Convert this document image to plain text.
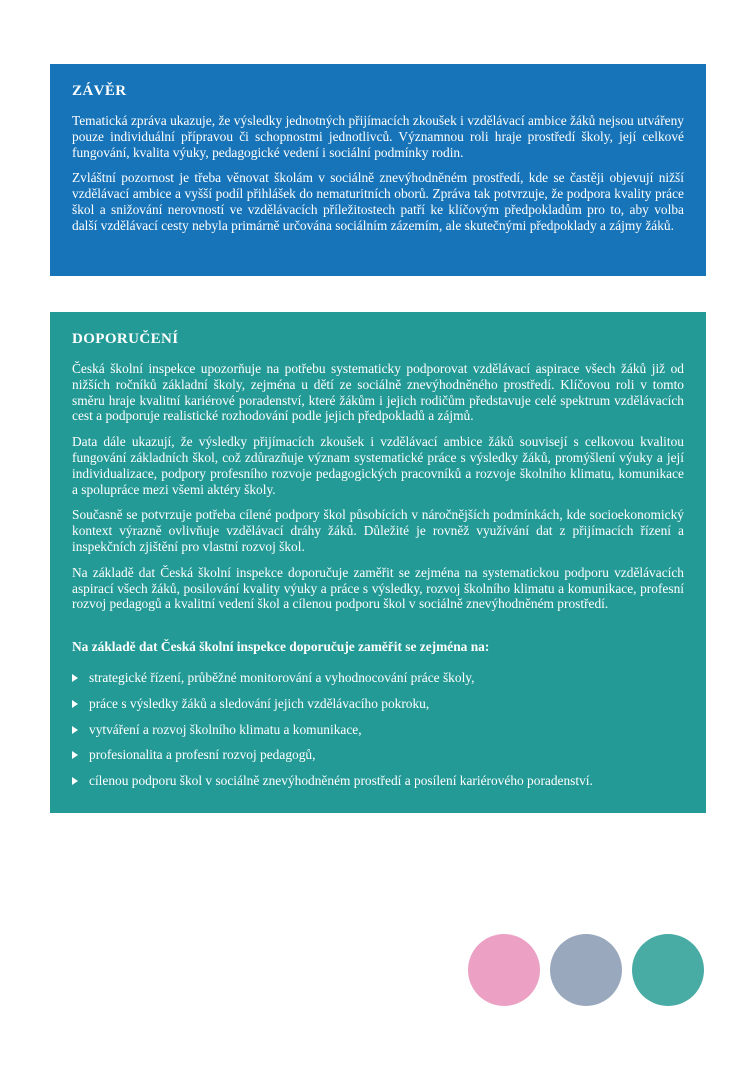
ZÁVĚR

Tematická zpráva ukazuje, že výsledky jednotných přijímacích zkoušek i vzdělávací ambice žáků nejsou utvářeny pouze individuální přípravou či schopnostmi jednotlivců. Významnou roli hraje prostředí školy, její celkové fungování, kvalita výuky, pedagogické vedení i sociální podmínky rodin.

Zvláštní pozornost je třeba věnovat školám v sociálně znevýhodněném prostředí, kde se častěji objevují nižší vzdělávací ambice a vyšší podíl přihlášek do nematuritních oborů. Zpráva tak potvrzuje, že podpora kvality práce škol a snižování nerovností ve vzdělávacích příležitostech patří ke klíčovým předpokladům pro to, aby volba další vzdělávací cesty nebyla primárně určována sociálním zázemím, ale skutečnými předpoklady a zájmy žáků.

DOPORUČENÍ

Česká školní inspekce upozorňuje na potřebu systematicky podporovat vzdělávací aspirace všech žáků již od nižších ročníků základní školy, zejména u dětí ze sociálně znevýhodněného prostředí. Klíčovou roli v tomto směru hraje kvalitní kariérové poradenství, které žákům i jejich rodičům představuje celé spektrum vzdělávacích cest a podporuje realistické rozhodování podle jejich předpokladů a zájmů.

Data dále ukazují, že výsledky přijímacích zkoušek i vzdělávací ambice žáků souvisejí s celkovou kvalitou fungování základních škol, což zdůrazňuje význam systematické práce s výsledky žáků, promýšlení výuky a její individualizace, podpory profesního rozvoje pedagogických pracovníků a rozvoje školního klimatu, komunikace a spolupráce mezi všemi aktéry školy.

Současně se potvrzuje potřeba cílené podpory škol působících v náročnějších podmínkách, kde socioekonomický kontext výrazně ovlivňuje vzdělávací dráhy žáků. Důležité je rovněž využívání dat z přijímacích řízení a inspekčních zjištění pro vlastní rozvoj škol.

Na základě dat Česká školní inspekce doporučuje zaměřit se zejména na systematickou podporu vzdělávacích aspirací všech žáků, posilování kvality výuky a práce s výsledky, rozvoj školního klimatu a komunikace, profesní rozvoj pedagogů a kvalitní vedení škol a cílenou podporu škol v sociálně znevýhodněném prostředí.

Na základě dat Česká školní inspekce doporučuje zaměřit se zejména na:

strategické řízení, průběžné monitorování a vyhodnocování práce školy,
práce s výsledky žáků a sledování jejich vzdělávacího pokroku,
vytváření a rozvoj školního klimatu a komunikace,
profesionalita a profesní rozvoj pedagogů,
cílenou podporu škol v sociálně znevýhodněném prostředí a posílení kariérového poradenství.
